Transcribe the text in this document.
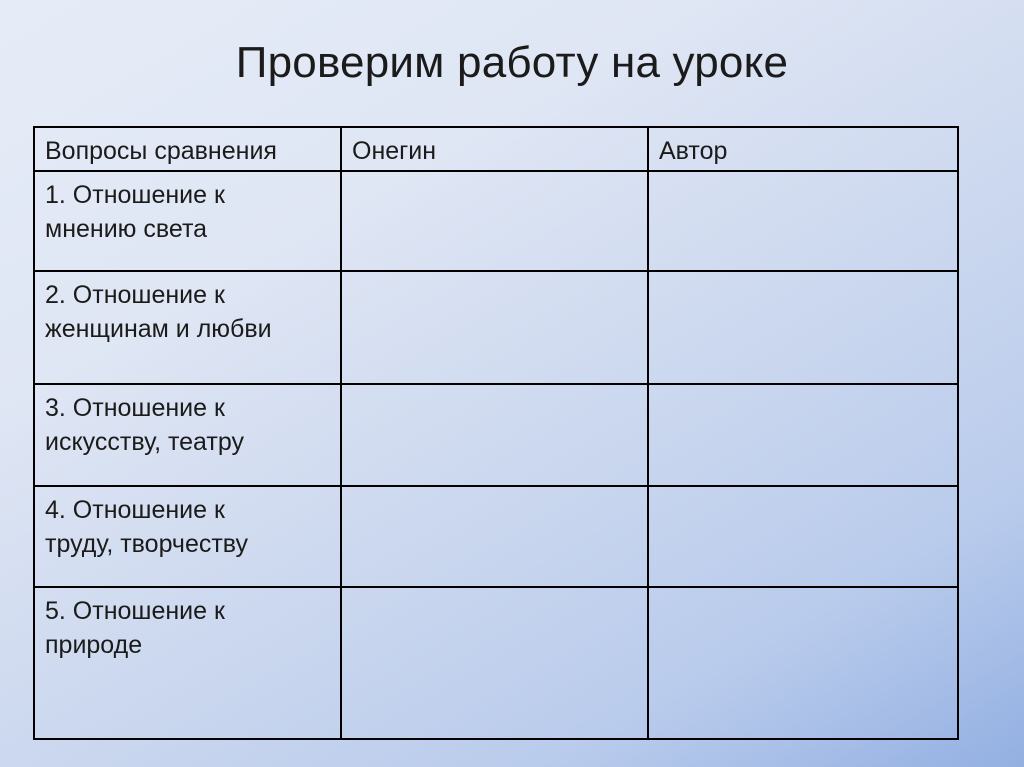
Проверим работу на уроке
Вопросы сравнения	Онегин	Автор

1. Отношение к
мнению света		

2. Отношение к
женщинам и любви		

3. Отношение к
искусству, театру		

4. Отношение к
труду, творчеству		

5. Отношение к
природе		
